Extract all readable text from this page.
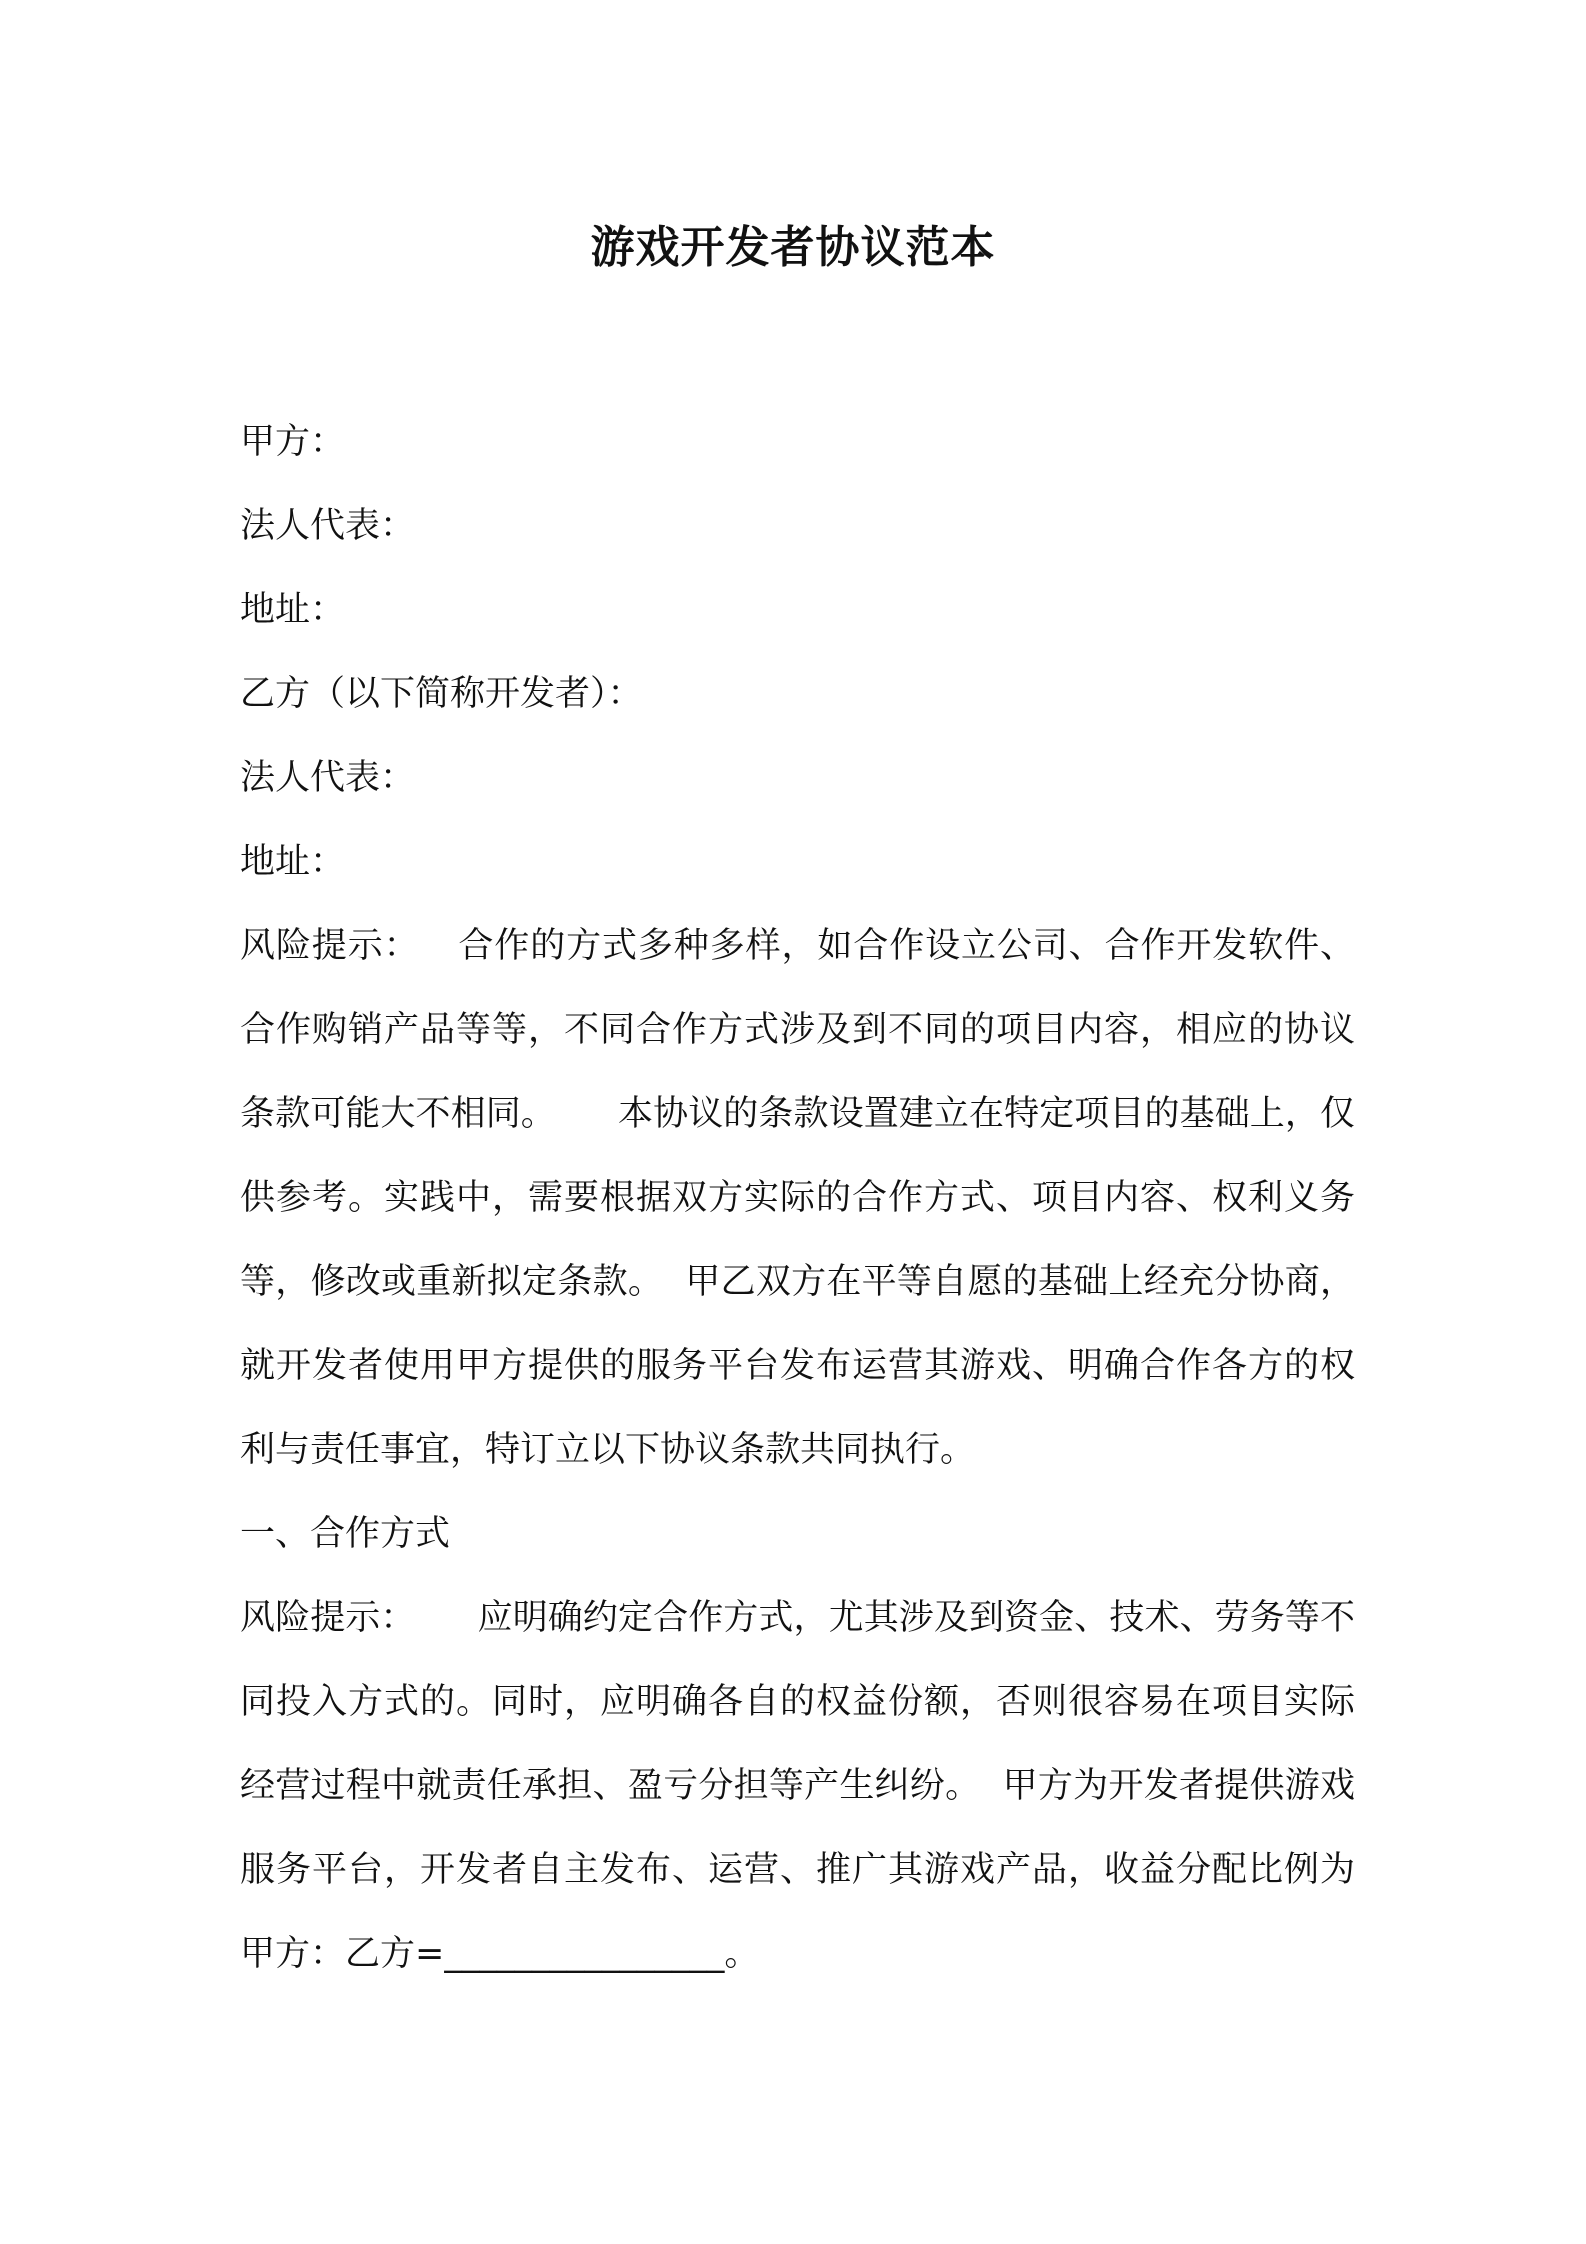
游戏开发者协议范本
甲方：
法人代表：
地址：
乙方（以下简称开发者）：
法人代表：
地址：
风险提示： 合作的方式多种多样，如合作设立公司、合作开发软件、合作购销产品等等，不同合作方式涉及到不同的项目内容，相应的协议条款可能大不相同。 本协议的条款设置建立在特定项目的基础上，仅供参考。实践中，需要根据双方实际的合作方式、项目内容、权利义务等，修改或重新拟定条款。 甲乙双方在平等自愿的基础上经充分协商，就开发者使用甲方提供的服务平台发布运营其游戏、明确合作各方的权利与责任事宜，特订立以下协议条款共同执行。
一、合作方式
风险提示： 应明确约定合作方式，尤其涉及到资金、技术、劳务等不同投入方式的。同时，应明确各自的权益份额，否则很容易在项目实际经营过程中就责任承担、盈亏分担等产生纠纷。 甲方为开发者提供游戏服务平台，开发者自主发布、运营、推广其游戏产品，收益分配比例为甲方：乙方=________________。
